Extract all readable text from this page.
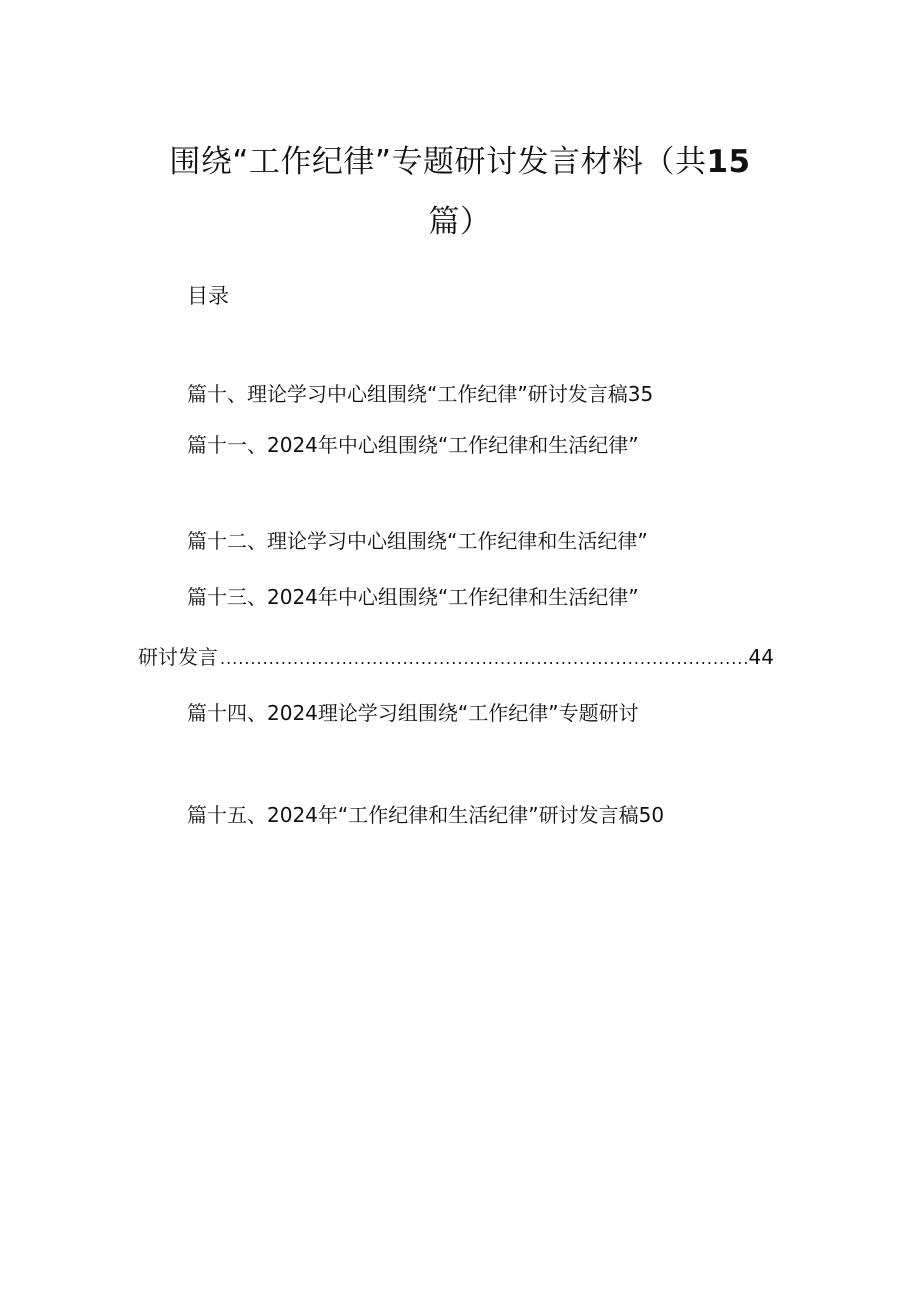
围绕“工作纪律”专题研讨发言材料（共15
篇）
目录
篇十、理论学习中心组围绕“工作纪律”研讨发言稿35
篇十一、2024年中心组围绕“工作纪律和生活纪律”
篇十二、理论学习中心组围绕“工作纪律和生活纪律”
篇十三、2024年中心组围绕“工作纪律和生活纪律”
研讨发言
.....	44
篇十四、2024理论学习组围绕“工作纪律”专题研讨
篇十五、2024年“工作纪律和生活纪律”研讨发言稿50
